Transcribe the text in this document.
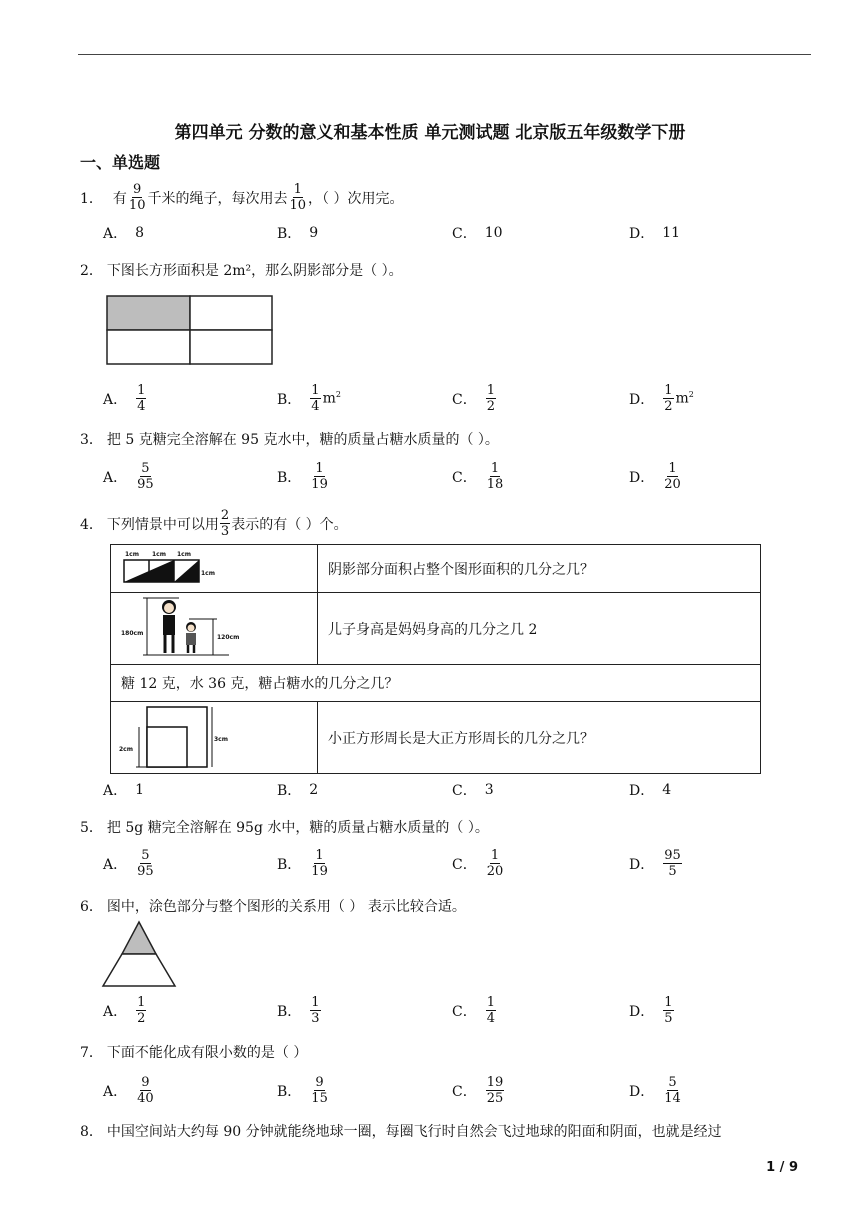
第四单元 分数的意义和基本性质 单元测试题 北京版五年级数学下册
一、单选题
1． 有 $\frac{9}{10}$ 千米的绳子，每次用去 $\frac{1}{10}$ ，（ ）次用完。
A． 8	B． 9	C． 10	D． 11
2． 下图长方形面积是 2m²，那么阴影部分是（ ）。
A． $\frac{1}{4}$	B． $\frac{1}{4} m^2$	C． $\frac{1}{2}$	D． $\frac{1}{2} m^2$
3． 把 5 克糖完全溶解在 95 克水中，糖的质量占糖水质量的（ ）。
A． $\frac{5}{95}$	B． $\frac{1}{19}$	C． $\frac{1}{18}$	D． $\frac{1}{20}$
4． 下列情景中可以用 $\frac{2}{3}$ 表示的有（ ）个。
1cm 1cm 1cm
1cm	阴影部分面积占整个图形面积的几分之几？

180cm
120cm	儿子身高是妈妈身高的几分之几 2
糖 12 克，水 36 克，糖占糖水的几分之几？	

2cm
3cm	小正方形周长是大正方形周长的几分之几？
A． 1	B． 2	C． 3	D． 4
5． 把 5g 糖完全溶解在 95g 水中，糖的质量占糖水质量的（ ）。
A． $\frac{5}{95}$	B． $\frac{1}{19}$	C． $\frac{1}{20}$	D． $\frac{95}{5}$
6． 图中，涂色部分与整个图形的关系用（ ） 表示比较合适。
A． $\frac{1}{2}$	B． $\frac{1}{3}$	C． $\frac{1}{4}$	D． $\frac{1}{5}$
7． 下面不能化成有限小数的是（ ）
A． $\frac{9}{40}$	B． $\frac{9}{15}$	C． $\frac{19}{25}$	D． $\frac{5}{14}$
8． 中国空间站大约每 90 分钟就能绕地球一圈，每圈飞行时自然会飞过地球的阳面和阴面，也就是经过
1 / 9
